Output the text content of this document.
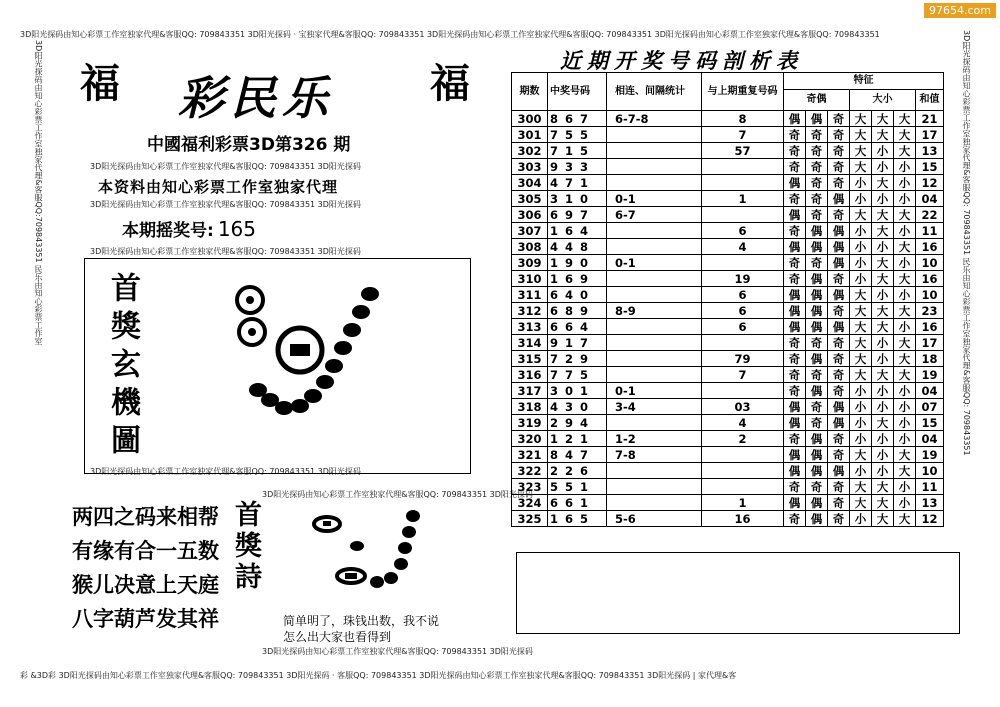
97654.com
3D阳光探码由知心彩票工作室独家代理&客服QQ: 709843351 3D阳光探码 · 宝独家代理&客服QQ: 709843351 3D阳光探码由知心彩票工作室独家代理&客服QQ: 709843351 3D阳光探码由知心彩票工作室独家代理&客服QQ: 709843351
彩 &3D彩 3D阳光探码由知心彩票工作室独家代理&客服QQ: 709843351 3D阳光探码 · 客服QQ: 709843351 3D阳光探码由知心彩票工作室独家代理&客服QQ: 709843351 3D阳光探码 | 家代理&客
3D阳光探码由知心彩票工作室独家代理&客服QQ:709843351 民乐由知心彩票工作室	3D阳光探码由知心彩票工作室独家代理&客服QQ: 709843351 民乐由知心彩票工作室独家代理&客服QQ: 709843351
3D阳光探码由知心彩票工作室独家代理&客服QQ: 709843351 3D阳光探码
3D阳光探码由知心彩票工作室独家代理&客服QQ: 709843351 3D阳光探码
3D阳光探码由知心彩票工作室独家代理&客服QQ: 709843351 3D阳光探码
3D阳光探码由知心彩票工作室独家代理&客服QQ: 709843351 3D阳光探码
3D阳光探码由知心彩票工作室独家代理&客服QQ: 709843351 3D阳光探码
3D阳光探码由知心彩票工作室独家代理&客服QQ: 709843351 3D阳光探码
福	福
彩民乐
中國福利彩票3D第326 期
本资料由知心彩票工作室独家代理
本期摇奖号: 165
首獎玄機圖
两四之码来相帮
有缘有合一五数
猴儿决意上天庭
八字葫芦发其祥
首獎詩
简单明了，珠钱出数，我不说
怎么出大家也看得到
近期开奖号码剖析表
期数	中奖号码	相连、间隔统计	与上期重复号码	特征						
				奇偶			大小			和值
300	8 6 7	6-7-8	8	偶	偶	奇	大	大	大	21
301	7 5 5		7	奇	奇	奇	大	大	大	17
302	7 1 5		57	奇	奇	奇	大	小	大	13
303	9 3 3			奇	奇	奇	大	小	小	15
304	4 7 1			偶	奇	奇	小	大	小	12
305	3 1 0	0-1	1	奇	奇	偶	小	小	小	04
306	6 9 7	6-7		偶	奇	奇	大	大	大	22
307	1 6 4		6	奇	偶	偶	小	大	小	11
308	4 4 8		4	偶	偶	偶	小	小	大	16
309	1 9 0	0-1		奇	奇	偶	小	大	小	10
310	1 6 9		19	奇	偶	奇	小	大	大	16
311	6 4 0		6	偶	偶	偶	大	小	小	10
312	6 8 9	8-9	6	偶	偶	奇	大	大	大	23
313	6 6 4		6	偶	偶	偶	大	大	小	16
314	9 1 7			奇	奇	奇	大	小	大	17
315	7 2 9		79	奇	偶	奇	大	小	大	18
316	7 7 5		7	奇	奇	奇	大	大	大	19
317	3 0 1	0-1		奇	偶	奇	小	小	小	04
318	4 3 0	3-4	03	偶	奇	偶	小	小	小	07
319	2 9 4		4	偶	奇	偶	小	大	小	15
320	1 2 1	1-2	2	奇	偶	奇	小	小	小	04
321	8 4 7	7-8		偶	偶	奇	大	小	大	19
322	2 2 6			偶	偶	偶	小	小	大	10
323	5 5 1			奇	奇	奇	大	大	小	11
324	6 6 1		1	偶	偶	奇	大	大	小	13
325	1 6 5	5-6	16	奇	偶	奇	小	大	大	12
